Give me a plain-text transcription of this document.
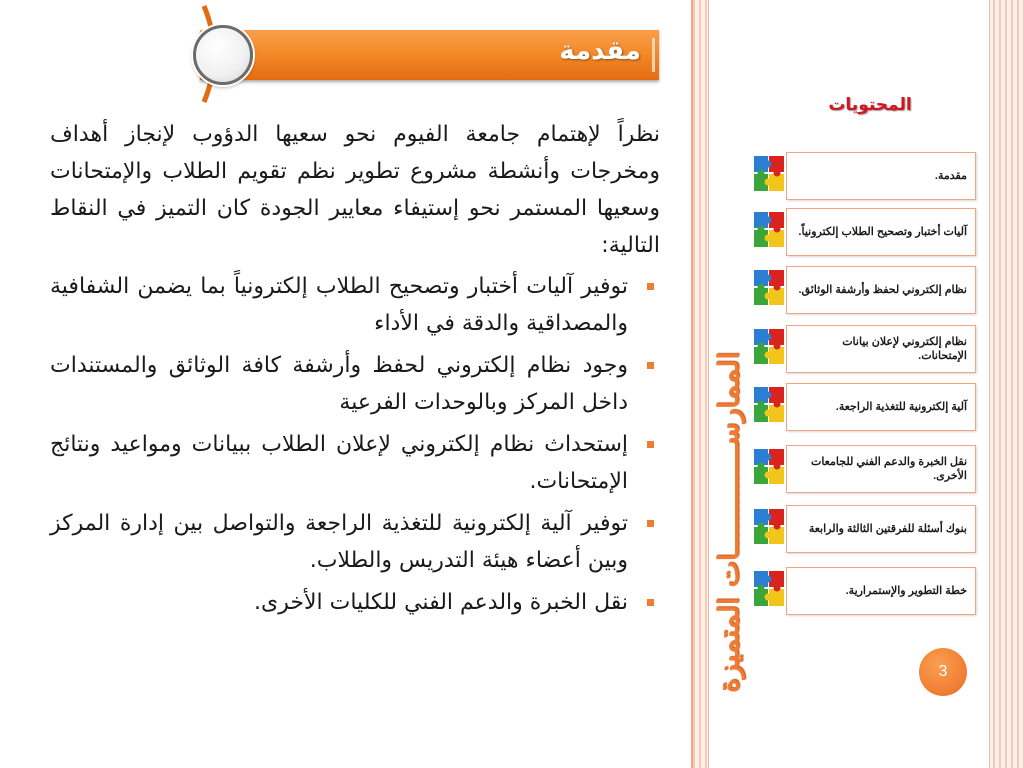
الممارســـــــــــــات المتميزة
مقدمة

نظراً لإهتمام جامعة الفيوم نحو سعيها الدؤوب لإنجاز أهداف ومخرجات وأنشطة مشروع تطوير نظم تقويم الطلاب والإمتحانات وسعيها المستمر نحو إستيفاء معايير الجودة كان التميز في النقاط التالية:

توفير آليات أختبار وتصحيح الطلاب إلكترونياً بما يضمن الشفافية والمصداقية والدقة في الأداء
وجود نظام إلكتروني لحفظ وأرشفة كافة الوثائق والمستندات داخل المركز وبالوحدات الفرعية
إستحداث نظام إلكتروني لإعلان الطلاب ببيانات ومواعيد ونتائج الإمتحانات.
توفير آلية إلكترونية للتغذية الراجعة والتواصل بين إدارة المركز وبين أعضاء هيئة التدريس والطلاب.
نقل الخبرة والدعم الفني للكليات الأخرى.
المحتويات
مقدمة.
آليات أختبار وتصحيح الطلاب إلكترونياً.
نظام إلكتروني لحفظ وأرشفة الوثائق.
نظام إلكتروني لإعلان بيانات الإمتحانات.
آلية إلكترونية للتغذية الراجعة.
نقل الخبرة والدعم الفني للجامعات الأخرى.
بنوك أسئلة للفرقتين الثالثة والرابعة
خطة التطوير والإستمرارية.
3
